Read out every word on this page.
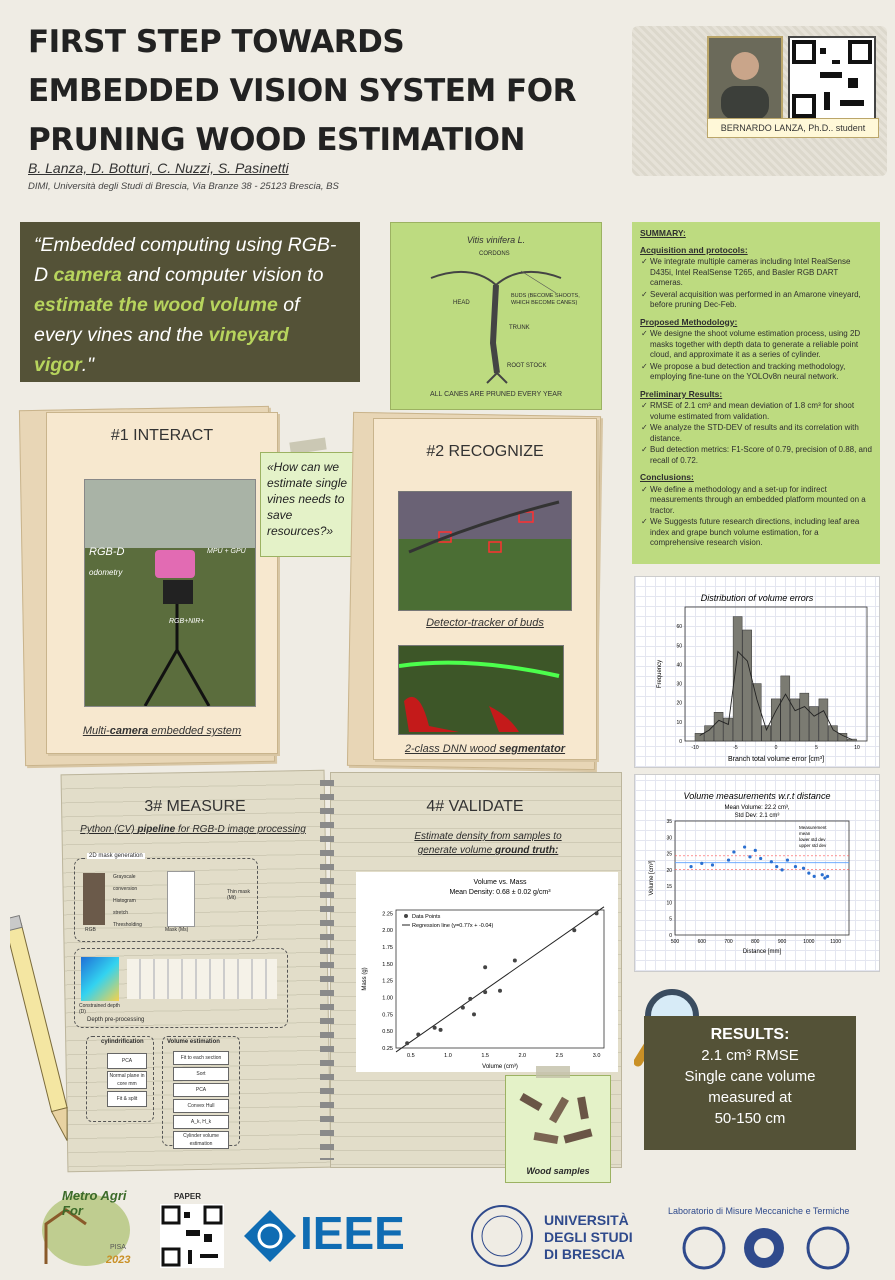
FIRST STEP TOWARDS
EMBEDDED VISION SYSTEM FOR
PRUNING WOOD ESTIMATION
B. Lanza, D. Botturi, C. Nuzzi, S. Pasinetti
DIMI, Università degli Studi di Brescia, Via Branze 38 - 25123 Brescia, BS
BERNARDO LANZA, Ph.D.. student
“Embedded computing using RGB-D camera and computer vision to estimate the wood volume of every vines and the vineyard vigor."
Vitis vinifera L.
CORDONS
HEAD
BUDS (BECOME SHOOTS, WHICH BECOME CANES)
TRUNK
ROOT STOCK
ALL CANES ARE PRUNED EVERY YEAR
SUMMARY:
Acquisition and protocols:
✓ We integrate multiple cameras including Intel RealSense D435i, Intel RealSense T265, and Basler RGB DART cameras.
✓ Several acquisition was performed in an Amarone vineyard, before pruning Dec-Feb.
Proposed Methodology:
✓ We designe the shoot volume estimation process, using 2D masks together with depth data to generate a reliable point cloud, and approximate it as a series of cylinder.
✓ We propose a bud detection and tracking methodology, employing fine-tune on the YOLOv8n neural network.
Preliminary Results:
✓ RMSE of 2.1 cm³ and mean deviation of 1.8 cm³ for shoot volume estimated from validation.
✓ We analyze the STD-DEV of results and its correlation with distance.
✓ Bud detection metrics: F1-Score of 0.79, precision of 0.88, and recall of 0.72.
Conclusions:
✓ We define a methodology and a set-up for indirect measurements through an embedded platform mounted on a tractor.
✓ We Suggests future research directions, including leaf area index and grape bunch volume estimation, for a comprehensive research vision.
#1 INTERACT
RGB-D
odometry
MPU + GPU
RGB+NIR+
Multi-camera embedded system
«How can we estimate single vines needs to save resources?»
#2 RECOGNIZE
Detector-tracker of buds
2-class DNN wood segmentator
3# MEASURE
Python (CV) pipeline for RGB-D image processing
2D mask generation
RGB
Grayscale conversion
Histogram stretch
Thresholding
Mask (Ms)
Thin mask (Mt)
Constrained depth (D)
Depth pre-processing
cylindrification
PCA
Normal plane in core mm
Fit & split
Volume estimation
Fit to each section
Sort
PCA
Convex Hull
A_k, H_k
Cylinder volume estimation
4# VALIDATE
Estimate density from samples to generate volume ground truth:
Volume vs. Mass
Mean Density: 0.68 ± 0.02 g/cm³
0.5	1.0	1.5	2.0	2.5	3.0
0.25
0.50
0.75
1.00
1.25
1.50
1.75
2.00
2.25
Volume (cm³)
Mass (g)
Data Points
Regression line (y=0.77x + -0.04)
Wood samples
Distribution of volume errors
0
10
20
30
40
50
60
-10	-5	0	5	10
Branch total volume error [cm³]
Frequency
Volume measurements w.r.t distance
Mean Volume: 22.2 cm³,
Std Dev: 2.1 cm³
0
5
10
15
20
25
30
35
500	600	700	800	900	1000	1100
Distance [mm]
Volume [cm³]
Measurement
mean
lower std dev
upper std dev
RESULTS:
2.1 cm³ RMSE
Single cane volume
measured at
50-150 cm
Metro Agri For
PISA
2023
PAPER
IEEE	UNIVERSITÀ
DEGLI STUDI
DI BRESCIA
Laboratorio di Misure Meccaniche e Termiche
